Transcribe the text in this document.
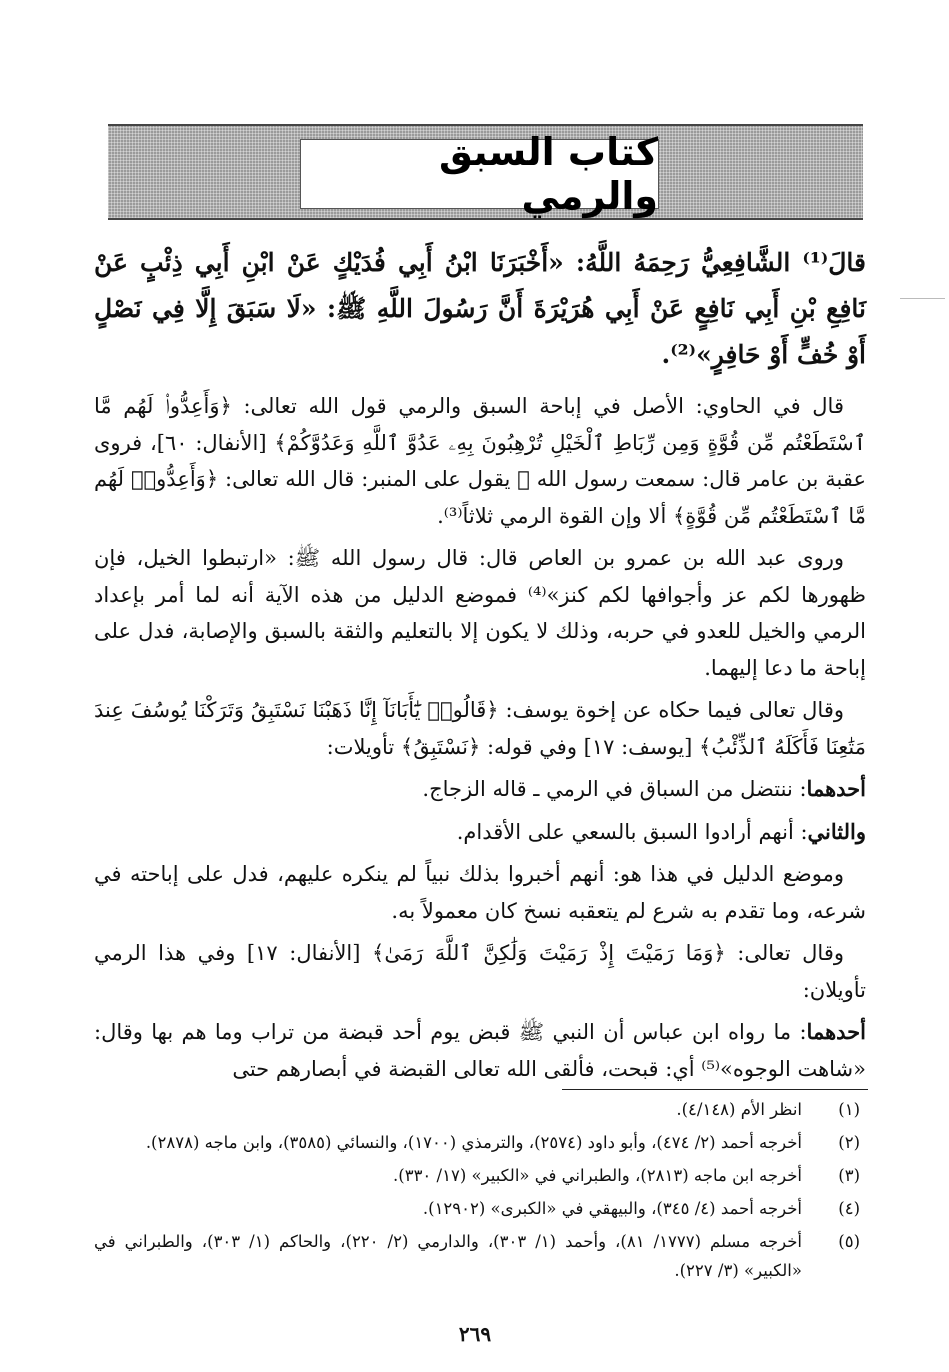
كتاب السبق والرمي

قالَ⁽¹⁾ الشَّافِعِيُّ رَحِمَهُ اللَّهُ: «أَخْبَرَنَا ابْنُ أَبِي فُدَيْكٍ عَنْ ابْنِ أَبِي ذِئْبٍ عَنْ نَافِعِ بْنِ أَبِي نَافِعٍ عَنْ أَبِي هُرَيْرَةَ أَنَّ رَسُولَ اللَّهِ ﷺ: «لَا سَبَقَ إِلَّا فِي نَصْلٍ أَوْ خُفٍّ أَوْ حَافِرٍ»⁽²⁾.

قال في الحاوي: الأصل في إباحة السبق والرمي قول الله تعالى: ﴿وَأَعِدُّوا۟ لَهُم مَّا ٱسْتَطَعْتُم مِّن قُوَّةٍ وَمِن رِّبَاطِ ٱلْخَيْلِ تُرْهِبُونَ بِهِۦ عَدُوَّ ٱللَّهِ وَعَدُوَّكُمْ﴾ [الأنفال: ٦٠]، فروى عقبة بن عامر قال: سمعت رسول الله ﷺ يقول على المنبر: قال الله تعالى: ﴿وَأَعِدُّوا۟ لَهُم مَّا ٱسْتَطَعْتُم مِّن قُوَّةٍ﴾ ألا وإن القوة الرمي ثلاثاً⁽³⁾.

وروى عبد الله بن عمرو بن العاص قال: قال رسول الله ﷺ: «ارتبطوا الخيل، فإن ظهورها لكم عز وأجوافها لكم كنز»⁽⁴⁾ فموضع الدليل من هذه الآية أنه لما أمر بإعداد الرمي والخيل للعدو في حربه، وذلك لا يكون إلا بالتعليم والثقة بالسبق والإصابة، فدل على إباحة ما دعا إليهما.

وقال تعالى فيما حكاه عن إخوة يوسف: ﴿قَالُوا۟ يَٰٓأَبَانَآ إِنَّا ذَهَبْنَا نَسْتَبِقُ وَتَرَكْنَا يُوسُفَ عِندَ مَتَٰعِنَا فَأَكَلَهُ ٱلذِّئْبُ﴾ [يوسف: ١٧] وفي قوله: ﴿نَسْتَبِقُ﴾ تأويلات:

أحدهما: ننتضل من السباق في الرمي ـ قاله الزجاج.

والثاني: أنهم أرادوا السبق بالسعي على الأقدام.

وموضع الدليل في هذا هو: أنهم أخبروا بذلك نبياً لم ينكره عليهم، فدل على إباحته في شرعه، وما تقدم به شرع لم يتعقبه نسخ كان معمولاً به.

وقال تعالى: ﴿وَمَا رَمَيْتَ إِذْ رَمَيْتَ وَلَٰكِنَّ ٱللَّهَ رَمَىٰ﴾ [الأنفال: ١٧] وفي هذا الرمي تأويلان:

أحدهما: ما رواه ابن عباس أن النبي ﷺ قبض يوم أحد قبضة من تراب وما هم بها وقال: «شاهت الوجوه»⁽⁵⁾ أي: قبحت، فألقى الله تعالى القبضة في أبصارهم حتى

(١)
انظر الأم (٤/١٤٨).
(٢)
أخرجه أحمد (٢/ ٤٧٤)، وأبو داود (٢٥٧٤)، والترمذي (١٧٠٠)، والنسائي (٣٥٨٥)، وابن ماجه (٢٨٧٨).
(٣)
أخرجه ابن ماجه (٢٨١٣)، والطبراني في «الكبير» (١٧/ ٣٣٠).
(٤)
أخرجه أحمد (٤/ ٣٤٥)، والبيهقي في «الكبرى» (١٢٩٠٢).
(٥)
أخرجه مسلم (١٧٧٧/ ٨١)، وأحمد (١/ ٣٠٣)، والدارمي (٢/ ٢٢٠)، والحاكم (١/ ٣٠٣)، والطبراني في «الكبير» (٣/ ٢٢٧).
٢٦٩
